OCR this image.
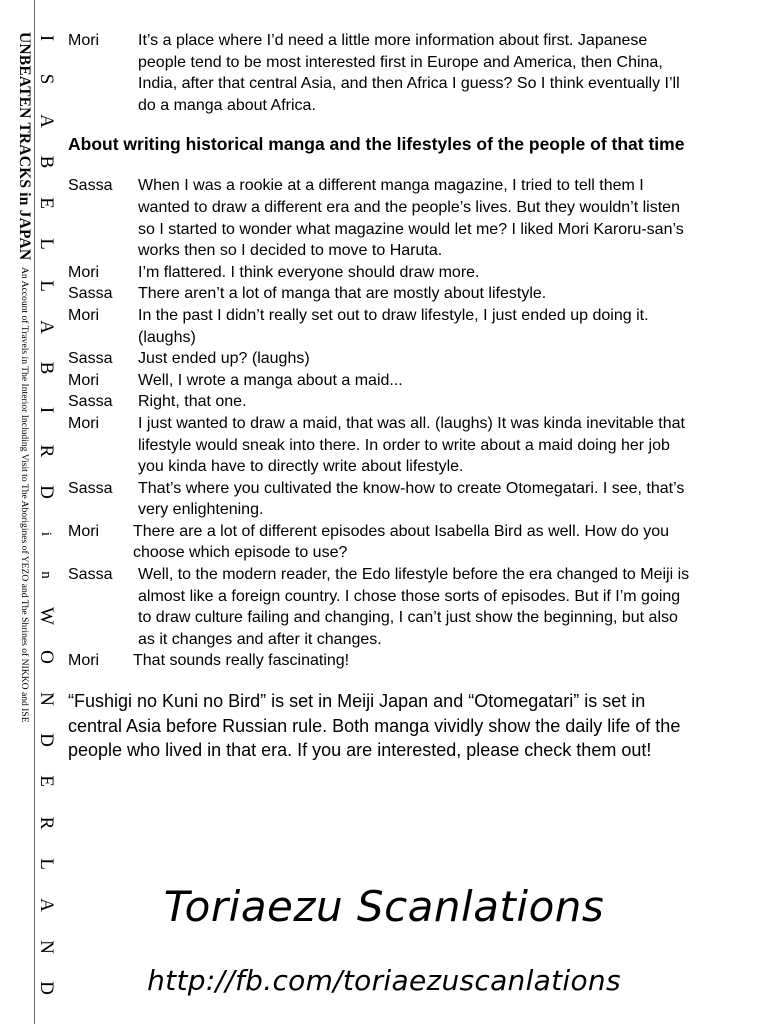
UNBEATEN TRACKS in JAPAN An Account of Travels in The Interior Including Visit to The Aborigines of YEZO and The Shrines of NIKKO and ISE
I
S
A
B
E
L
L
A
B
I
R
D
i
n
W
O
N
D
E
R
L
A
N
D
Mori	It’s a place where I’d need a little more information about first. Japanese
people tend to be most interested first in Europe and America, then China,
India, after that central Asia, and then Africa I guess? So I think eventually I’ll
do a manga about Africa.
About writing historical manga and the lifestyles of the people of that time
Sassa	When I was a rookie at a different manga magazine, I tried to tell them I
wanted to draw a different era and the people’s lives. But they wouldn’t listen
so I started to wonder what magazine would let me? I liked Mori Karoru-san’s
works then so I decided to move to Haruta.
Mori	I’m flattered. I think everyone should draw more.
Sassa	There aren’t a lot of manga that are mostly about lifestyle.
Mori	In the past I didn’t really set out to draw lifestyle, I just ended up doing it.
(laughs)
Sassa	Just ended up? (laughs)
Mori	Well, I wrote a manga about a maid...
Sassa	Right, that one.
Mori	I just wanted to draw a maid, that was all. (laughs) It was kinda inevitable that
lifestyle would sneak into there. In order to write about a maid doing her job
you kinda have to directly write about lifestyle.
Sassa	That’s where you cultivated the know-how to create Otomegatari. I see, that’s
very enlightening.
Mori	There are a lot of different episodes about Isabella Bird as well. How do you
choose which episode to use?
Sassa	Well, to the modern reader, the Edo lifestyle before the era changed to Meiji is
almost like a foreign country. I chose those sorts of episodes. But if I’m going
to draw culture failing and changing, I can’t just show the beginning, but also
as it changes and after it changes.
Mori	That sounds really fascinating!
“Fushigi no Kuni no Bird” is set in Meiji Japan and “Otomegatari” is set in
central Asia before Russian rule. Both manga vividly show the daily life of the
people who lived in that era. If you are interested, please check them out!
Toriaezu Scanlations
http://fb.com/toriaezuscanlations
